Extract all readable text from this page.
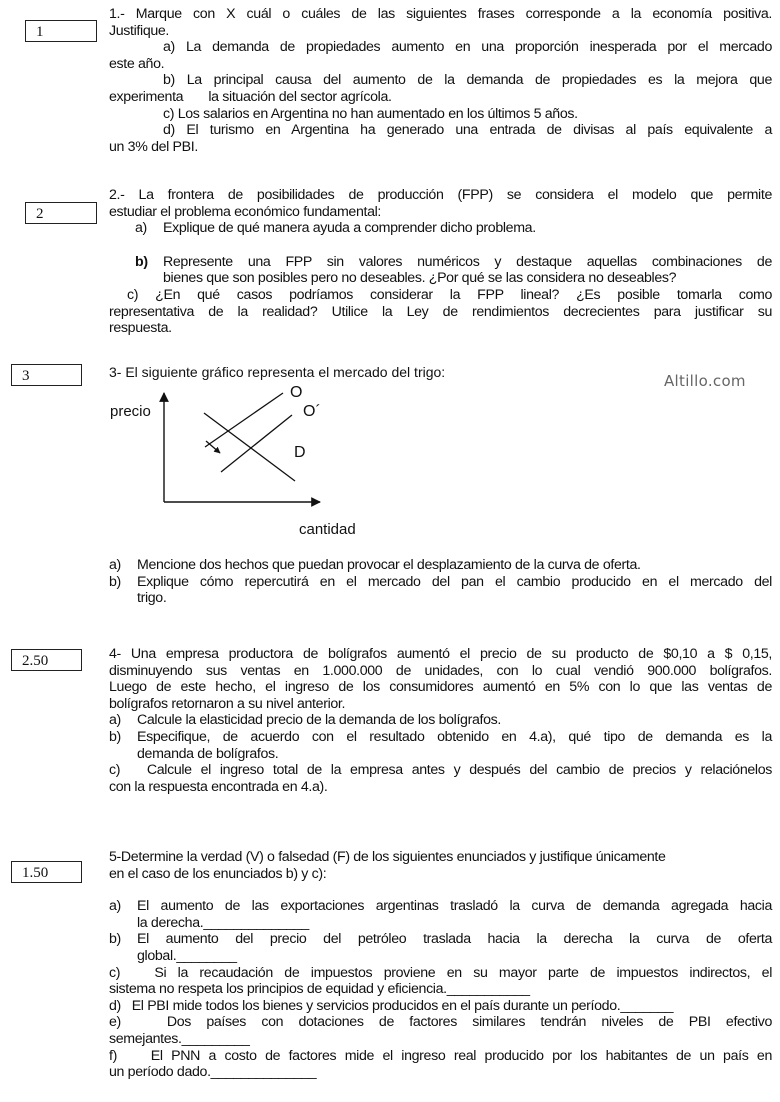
Altillo.com
1
2
3
2.50
1.50
1.- Marque con X cuál o cuáles de las siguientes frases corresponde a la economía positiva.
Justifique.
a) La demanda de propiedades aumento en una proporción inesperada por el mercado
este año.
b) La principal causa del aumento de la demanda de propiedades es la mejora que
experimenta       la situación del sector agrícola.
c) Los salarios en Argentina no han aumentado en los últimos 5 años.
d) El turismo en Argentina ha generado una entrada de divisas al país equivalente a
un 3% del PBI.
2.- La frontera de posibilidades de producción (FPP) se considera el modelo que permite
estudiar el problema económico fundamental:
a) Explique de qué manera ayuda a comprender dicho problema.
b) Represente una FPP sin valores numéricos y destaque aquellas combinaciones de
bienes que son posibles pero no deseables. ¿Por qué se las considera no deseables?
c) ¿En qué casos podríamos considerar la FPP lineal? ¿Es posible tomarla como
representativa de la realidad? Utilice la Ley de rendimientos decrecientes para justificar su
respuesta.
3- El siguiente gráfico representa el mercado del trigo:
precio
cantidad
O
O´
D
a) Mencione dos hechos que puedan provocar el desplazamiento de la curva de oferta.
b) Explique cómo repercutirá en el mercado del pan el cambio producido en el mercado del
trigo.
4- Una empresa productora de bolígrafos aumentó el precio de su producto de $0,10 a $ 0,15,
disminuyendo sus ventas en 1.000.000 de unidades, con lo cual vendió 900.000 bolígrafos.
Luego de este hecho, el ingreso de los consumidores aumentó en 5% con lo que las ventas de
bolígrafos retornaron a su nivel anterior.
a) Calcule la elasticidad precio de la demanda de los bolígrafos.
b) Especifique, de acuerdo con el resultado obtenido en 4.a), qué tipo de demanda es la
demanda de bolígrafos.
c)   Calcule el ingreso total de la empresa antes y después del cambio de precios y relaciónelos
con la respuesta encontrada en 4.a).
5-Determine la verdad (V) o falsedad (F) de los siguientes enunciados y justifique únicamente
en el caso de los enunciados b) y c):
a) El aumento de las exportaciones argentinas trasladó la curva de demanda agregada hacia
la derecha.______________
b) El aumento del precio del petróleo traslada hacia la derecha la curva de oferta
global.________
c)   Si la recaudación de impuestos proviene en su mayor parte de impuestos indirectos, el
sistema no respeta los principios de equidad y eficiencia.___________
d)   El PBI mide todos los bienes y servicios producidos en el país durante un período._______
e)   Dos países con dotaciones de factores similares tendrán niveles de PBI efectivo
semejantes._________
f)    El PNN a costo de factores mide el ingreso real producido por los habitantes de un país en
un período dado.______________
